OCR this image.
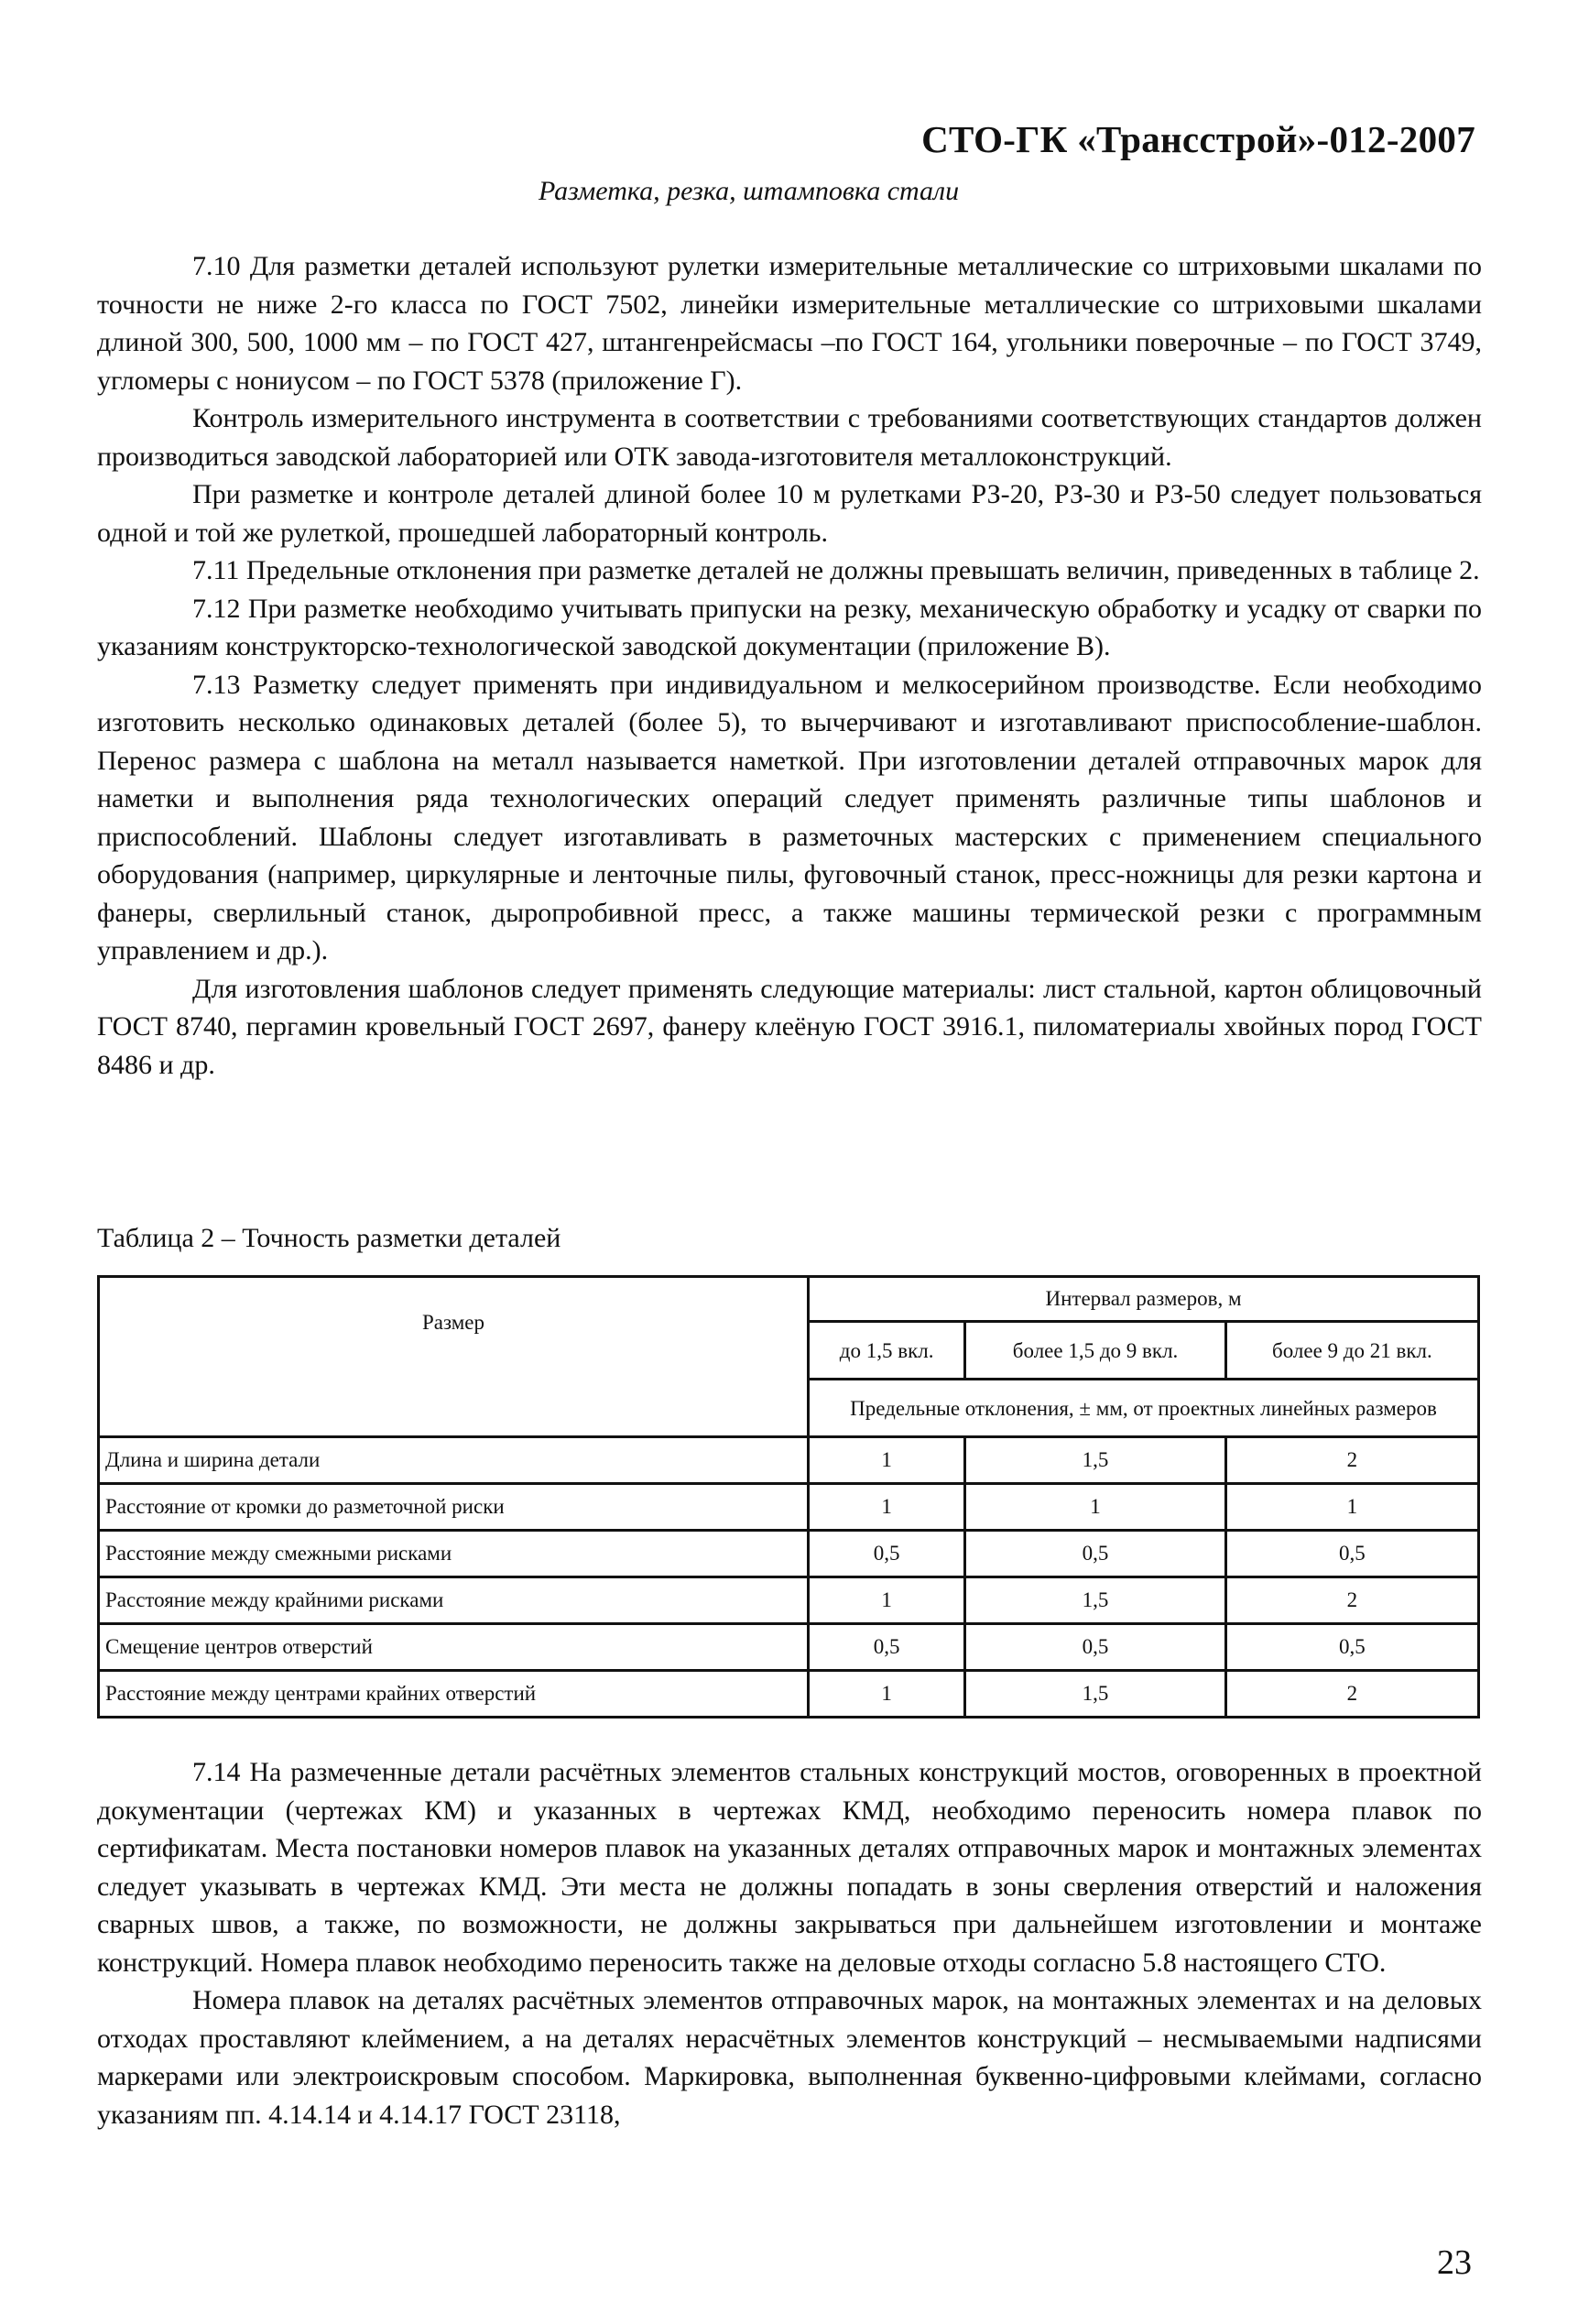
СТО-ГК «Трансстрой»-012-2007
Разметка, резка, штамповка стали

7.10 Для разметки деталей используют рулетки измерительные металлические со штриховыми шкалами по точности не ниже 2-го класса по ГОСТ 7502, линейки измерительные металлические со штриховыми шкалами длиной 300, 500, 1000 мм – по ГОСТ 427, штангенрейсмасы –по ГОСТ 164, угольники поверочные – по ГОСТ 3749, угломеры с нониусом – по ГОСТ 5378 (приложение Г).

Контроль измерительного инструмента в соответствии с требованиями соответствующих стандартов должен производиться заводской лабораторией или ОТК завода-изготовителя металлоконструкций.

При разметке и контроле деталей длиной более 10 м рулетками РЗ-20, РЗ-30 и РЗ-50 следует пользоваться одной и той же рулеткой, прошедшей лабораторный контроль.

7.11 Предельные отклонения при разметке деталей не должны превышать величин, приведенных в таблице 2.

7.12 При разметке необходимо учитывать припуски на резку, механическую обработку и усадку от сварки по указаниям конструкторско-технологической заводской документации (приложение В).

7.13 Разметку следует применять при индивидуальном и мелкосерийном производстве. Если необходимо изготовить несколько одинаковых деталей (более 5), то вычерчивают и изготавливают приспособление-шаблон. Перенос размера с шаблона на металл называется наметкой. При изготовлении деталей отправочных марок для наметки и выполнения ряда технологических операций следует применять различные типы шаблонов и приспособлений. Шаблоны следует изготавливать в разметочных мастерских с применением специального оборудования (например, циркулярные и ленточные пилы, фуговочный станок, пресс-ножницы для резки картона и фанеры, сверлильный станок, дыропробивной пресс, а также машины термической резки с программным управлением и др.).

Для изготовления шаблонов следует применять следующие материалы: лист стальной, картон облицовочный ГОСТ 8740, пергамин кровельный ГОСТ 2697, фанеру клеёную ГОСТ 3916.1, пиломатериалы хвойных пород ГОСТ 8486 и др.

Таблица 2 – Точность разметки деталей
Размер	Интервал размеров, м		
	до 1,5 вкл.	более 1,5 до 9 вкл.	более 9 до 21 вкл.
	Предельные отклонения, ± мм, от проектных линейных размеров		
Длина и ширина детали	1	1,5	2
Расстояние от кромки до разметочной риски	1	1	1
Расстояние между смежными рисками	0,5	0,5	0,5
Расстояние между крайними рисками	1	1,5	2
Смещение центров отверстий	0,5	0,5	0,5
Расстояние между центрами крайних отверстий	1	1,5	2

7.14 На размеченные детали расчётных элементов стальных конструкций мостов, оговоренных в проектной документации (чертежах КМ) и указанных в чертежах КМД, необходимо переносить номера плавок по сертификатам. Места постановки номеров плавок на указанных деталях отправочных марок и монтажных элементах следует указывать в чертежах КМД. Эти места не должны попадать в зоны сверления отверстий и наложения сварных швов, а также, по возможности, не должны закрываться при дальнейшем изготовлении и монтаже конструкций. Номера плавок необходимо переносить также на деловые отходы согласно 5.8 настоящего СТО.

Номера плавок на деталях расчётных элементов отправочных марок, на монтажных элементах и на деловых отходах проставляют клеймением, а на деталях нерасчётных элементов конструкций – несмываемыми надписями маркерами или электроискровым способом. Маркировка, выполненная буквенно-цифровыми клеймами, согласно указаниям пп. 4.14.14 и 4.14.17 ГОСТ 23118,

23
